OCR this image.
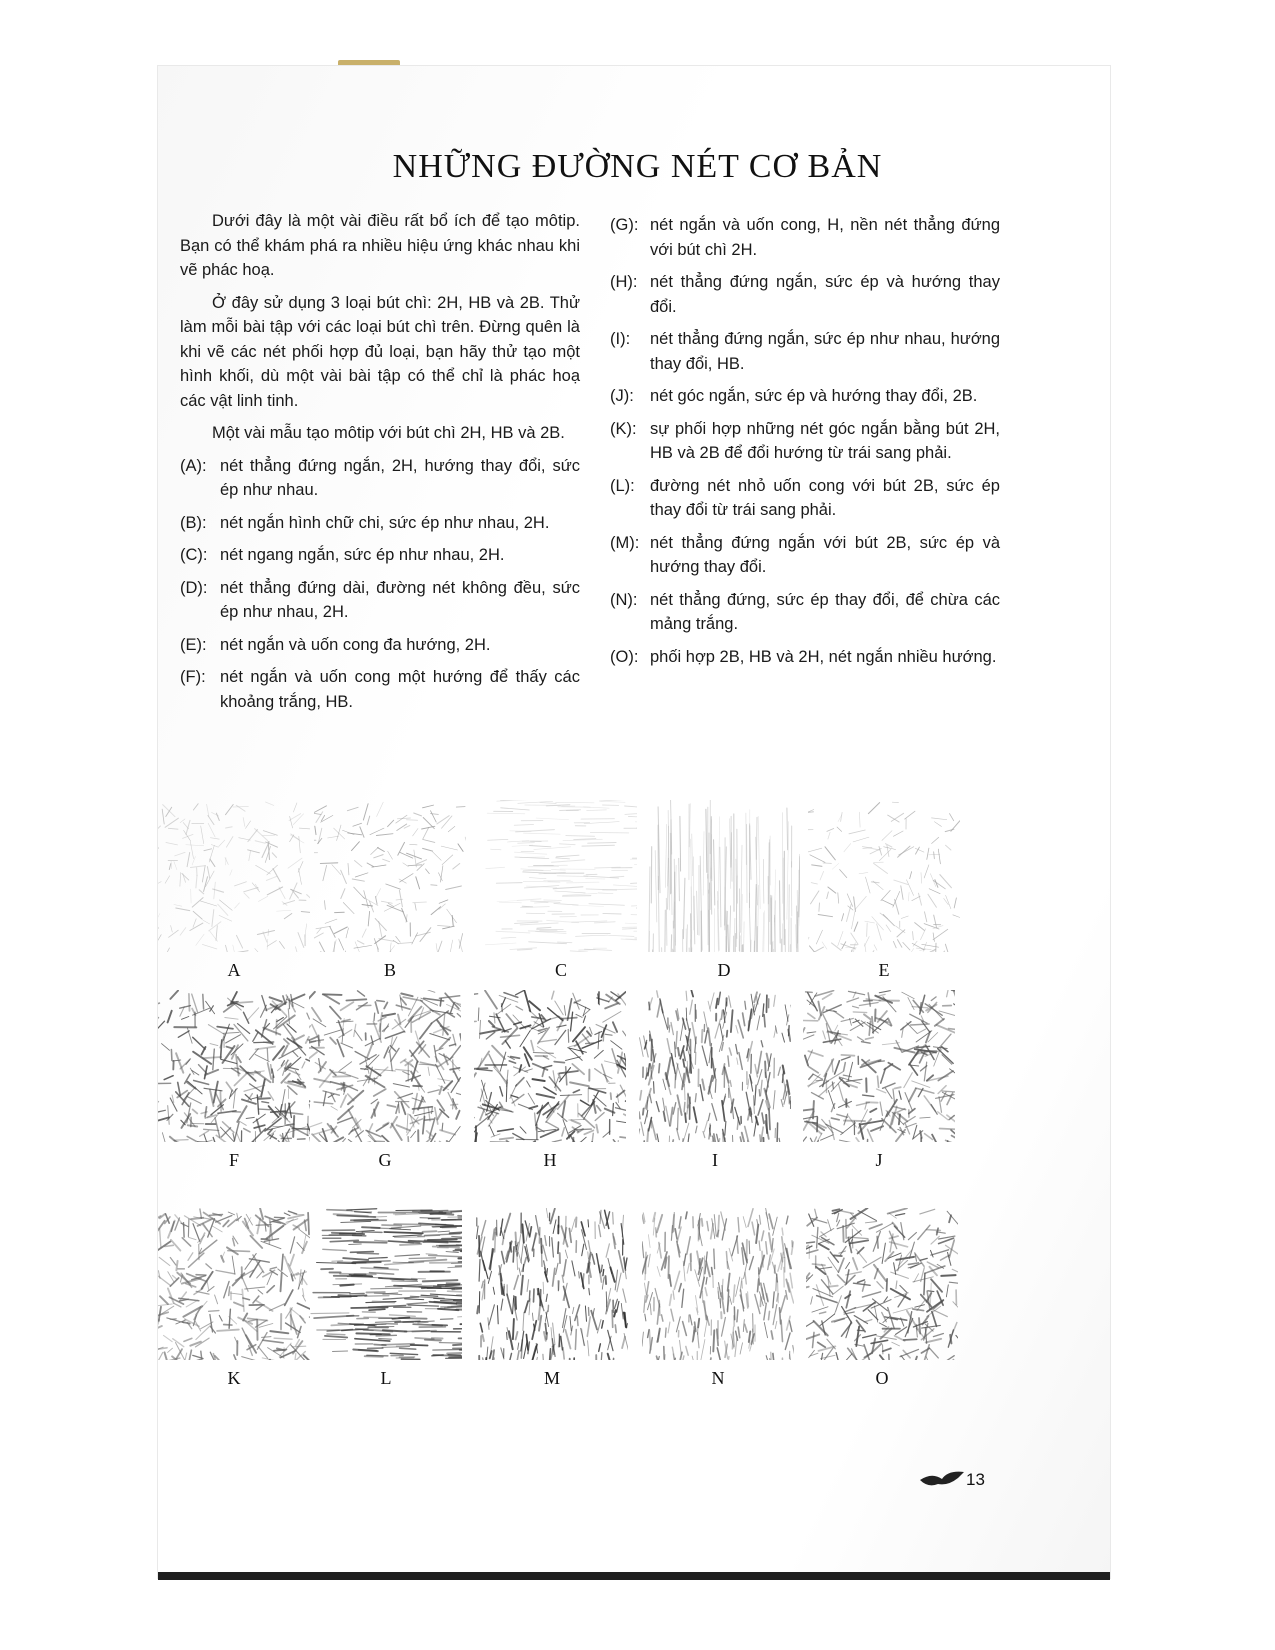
NHỮNG ĐƯỜNG NÉT CƠ BẢN

Dưới đây là một vài điều rất bổ ích để tạo môtip. Bạn có thể khám phá ra nhiều hiệu ứng khác nhau khi vẽ phác hoạ.

Ở đây sử dụng 3 loại bút chì: 2H, HB và 2B. Thử làm mỗi bài tập với các loại bút chì trên. Đừng quên là khi vẽ các nét phối hợp đủ loại, bạn hãy thử tạo một hình khối, dù một vài bài tập có thể chỉ là phác hoạ các vật linh tinh.

Một vài mẫu tạo môtip với bút chì 2H, HB và 2B.

(A): nét thẳng đứng ngắn, 2H, hướng thay đổi, sức ép như nhau.
(B): nét ngắn hình chữ chi, sức ép như nhau, 2H.
(C): nét ngang ngắn, sức ép như nhau, 2H.
(D): nét thẳng đứng dài, đường nét không đều, sức ép như nhau, 2H.
(E): nét ngắn và uốn cong đa hướng, 2H.
(F): nét ngắn và uốn cong một hướng để thấy các khoảng trắng, HB.
(G): nét ngắn và uốn cong, H, nền nét thẳng đứng với bút chì 2H.
(H): nét thẳng đứng ngắn, sức ép và hướng thay đổi.
(I):	nét thẳng đứng ngắn, sức ép như nhau, hướng thay đổi, HB.
(J): nét góc ngắn, sức ép và hướng thay đổi, 2B.
(K): sự phối hợp những nét góc ngắn bằng bút 2H, HB và 2B để đổi hướng từ trái sang phải.
(L): đường nét nhỏ uốn cong với bút 2B, sức ép thay đổi từ trái sang phải.
(M): nét thẳng đứng ngắn với bút 2B, sức ép và hướng thay đổi.
(N): nét thẳng đứng, sức ép thay đổi, để chừa các mảng trắng.
(O): phối hợp 2B, HB và 2H, nét ngắn nhiều hướng.
A	B	C	D	E
F	G	H	I	J
K	L	M	N	O
13
